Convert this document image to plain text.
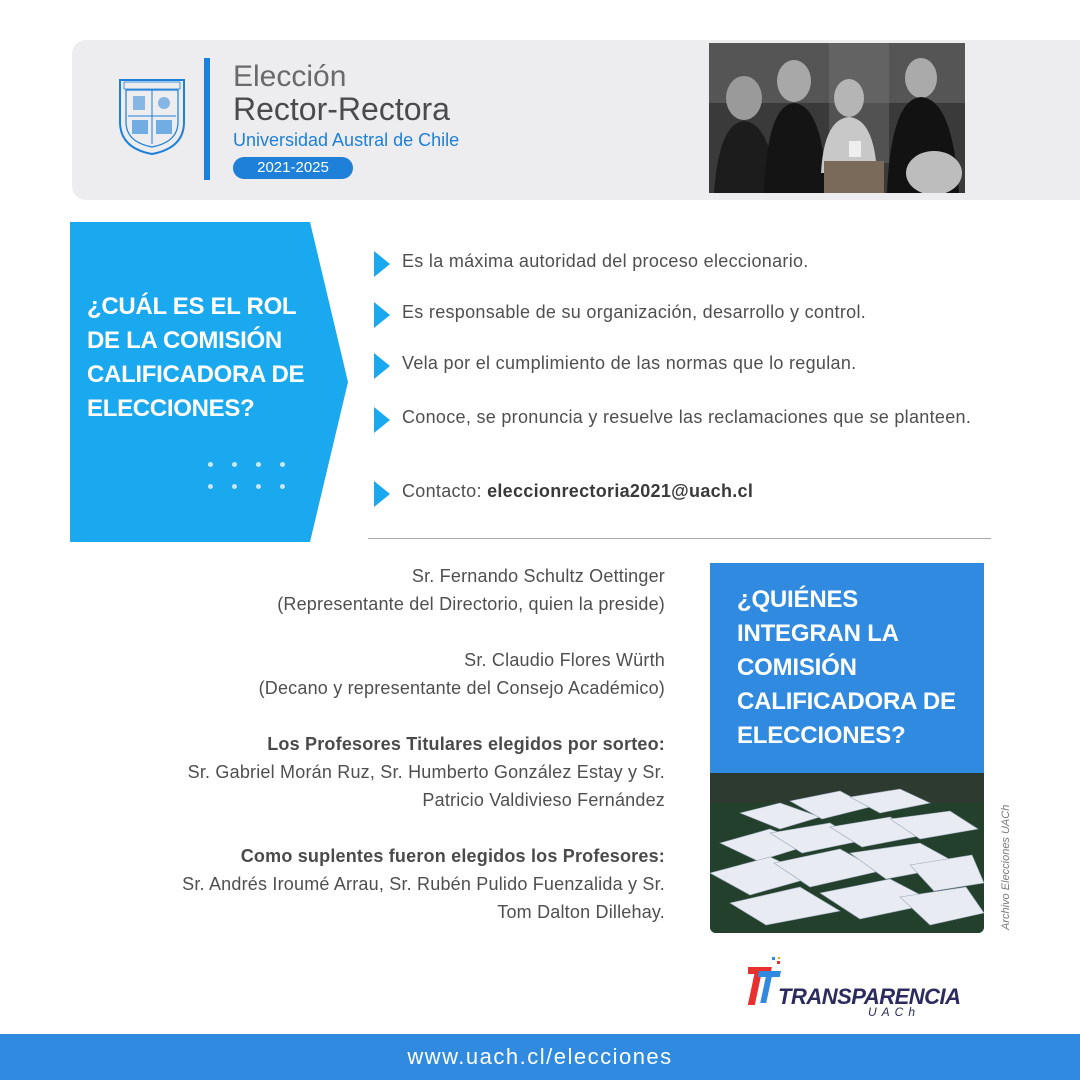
Elección
Rector-Rectora
Universidad Austral de Chile
2021-2025
¿CUÁL ES EL ROL DE LA COMISIÓN CALIFICADORA DE ELECCIONES?
Es la máxima autoridad del proceso eleccionario.
Es responsable de su organización, desarrollo y control.
Vela por el cumplimiento de las normas que lo regulan.
Conoce, se pronuncia y resuelve las reclamaciones que se planteen.
Contacto: eleccionrectoria2021@uach.cl
Sr. Fernando Schultz Oettinger
(Representante del Directorio, quien la preside)
Sr. Claudio Flores Würth
(Decano y representante del Consejo Académico)
Los Profesores Titulares elegidos por sorteo:
Sr. Gabriel Morán Ruz, Sr. Humberto González Estay y Sr.
Patricio Valdivieso Fernández
Como suplentes fueron elegidos los Profesores:
Sr. Andrés Iroumé Arrau, Sr. Rubén Pulido Fuenzalida y Sr.
Tom Dalton Dillehay.
¿QUIÉNES INTEGRAN LA COMISIÓN CALIFICADORA DE ELECCIONES?
Archivo Elecciones UACh
TRANSPARENCIA
UACh
www.uach.cl/elecciones
